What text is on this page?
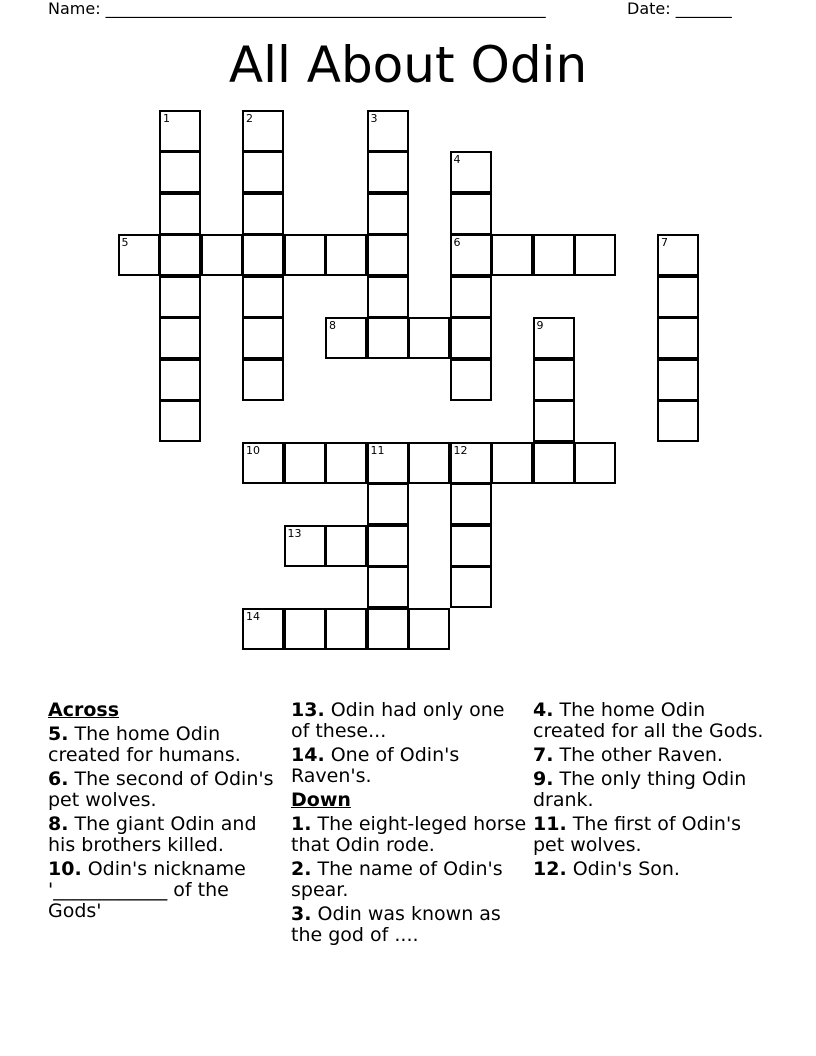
Name: _______________________________________________________	Date: _______
All About Odin
1	2	3
4
5	6	7
8	9
10	11	12
13
14
Across
5. The home Odin created for humans.
6. The second of Odin's pet wolves.
8. The giant Odin and his brothers killed.
10. Odin's nickname '____________ of the Gods'
13. Odin had only one of these...
14. One of Odin's Raven's.
Down
1. The eight-leged horse that Odin rode.
2. The name of Odin's spear.
3. Odin was known as the god of ....
4. The home Odin created for all the Gods.
7. The other Raven.
9. The only thing Odin drank.
11. The first of Odin's pet wolves.
12. Odin's Son.
